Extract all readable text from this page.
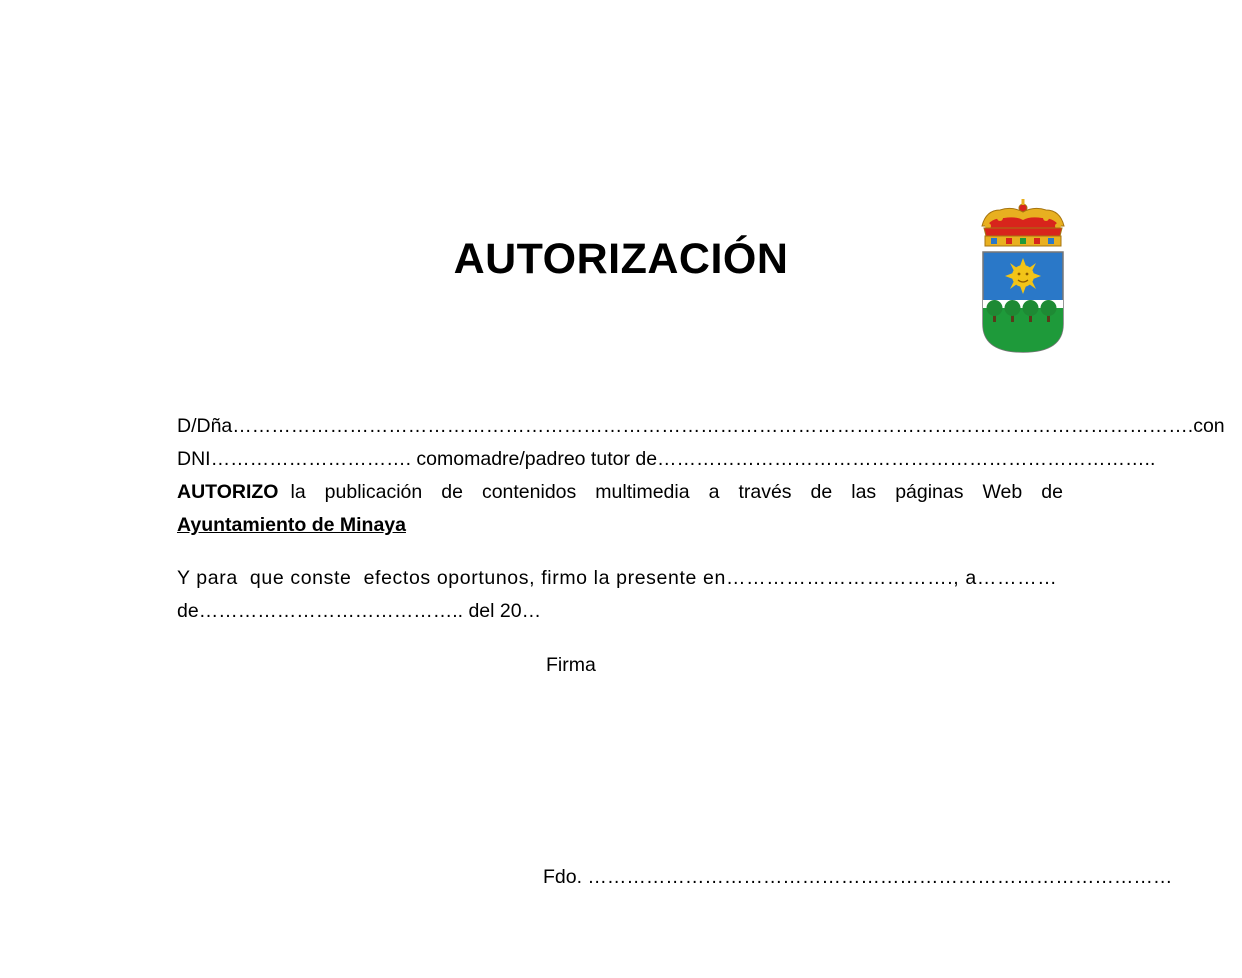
AUTORIZACIÓN
D/Dña…………………………………………………………………………………………………………………………………. con
DNI…………………………. como madre/padreo tutor de…………………………………………………………………..
AUTORIZO la publicación de contenidos multimedia a través de las páginas Web de
Ayuntamiento de Minaya
Y para  que conste  efectos oportunos, firmo la presente en……………………………., a…………
de………………………………….. del 20…
Firma
Fdo. ………………………………………………………………………………
